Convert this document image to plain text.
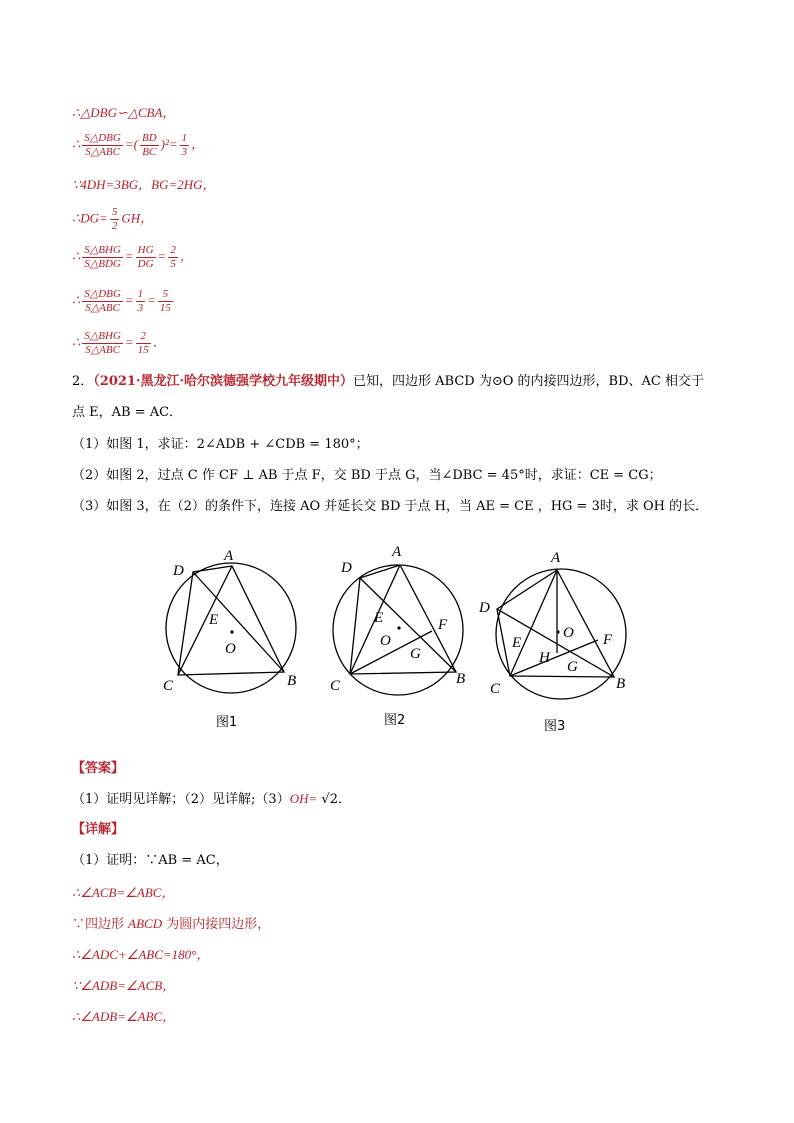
∴△DBG∽△CBA，
∴ $\frac{\text{S△DBG}}{\text{S△ABC}}$ =( $\frac{BD}{BC} )^2= \frac{1}{3}$ ，
∵4DH=3BG，BG=2HG，
∴DG= $\frac{5}{2}$ GH，
∴ $\frac{\text{S△BHG}}{\text{S△BDG}} = \frac{HG}{DG} = \frac{2}{5}$ ，
∴ $\frac{\text{S△DBG}}{\text{S△ABC}} = \frac{1}{3} = \frac{5}{15}$
∴ $\frac{\text{S△BHG}}{\text{S△ABC}} = \frac{2}{15}$ ．
2．（2021·黑龙江·哈尔滨德强学校九年级期中）已知，四边形 ABCD 为⊙O 的内接四边形，BD、AC 相交于
点 E，AB = AC．
（1）如图 1，求证：2∠ADB + ∠CDB = 180°；
（2）如图 2，过点 C 作 CF ⊥ AB 于点 F，交 BD 于点 G，当∠DBC = 45°时，求证：CE = CG；
（3）如图 3，在（2）的条件下，连接 AO 并延长交 BD 于点 H，当 AE = CE ，HG = 3时，求 OH 的长．
A
D
E
O
C	B
A
D
E
O
F
G
C	B
A
D
E
O F
H
G
C	B
图1	图2	图3
【答案】
（1）证明见详解；（2）见详解;（3）OH= √2．
【详解】
（1）证明：∵AB = AC，
∴∠ACB=∠ABC，
∵四边形 ABCD 为圆内接四边形，
∴∠ADC+∠ABC=180°，
∵∠ADB=∠ACB，
∴∠ADB=∠ABC，
